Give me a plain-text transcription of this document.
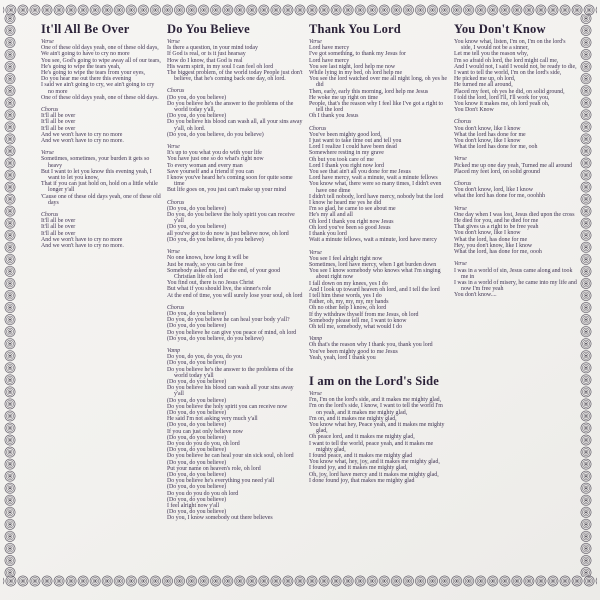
It'll All Be Over
Verse
One of these old days yeah, one of these old days,
We ain't going to have to cry no more
You see, God's going to wipe away all of our tears,
He's going to wipe the tears yeah,
He's going to wipe the tears from your eyes,
Do you hear me out there this evening
I said we ain't going to cry, we ain't going to cry no more
One of these old days yeah, one of these old days.
Chorus
It'll all be over
It'll all be over
It'll all be over
And we won't have to cry no more
And we won't have to cry no more.
Verse
Sometimes, sometimes, your burden it gets so heavy
But I want to let you know this evening yeah, I want to let you know,
That if you can just hold on, hold on a little while longer y'all
'Cause one of these old days yeah, one of these old days
Chorus
It'll all be over
It'll all be over
It'll all be over
And we won't have to cry no more
And we won't have to cry no more.
Do You Believe
Verse
Is there a question, in your mind today
If God is real, or is it just hearsay
How do I know, that God is real
His warm spirit, in my soul I can feel oh lord
The biggest problem, of the world today People just don't believe, that he's coming back one day, oh lord.
Chorus
(Do you, do you believe)
Do you believe he's the answer to the problems of the world today y'all,
(Do you, do you believe)
Do you believe his blood can wash all, all your sins away y'all, oh lord.
(Do you, do you believe, do you believe)
Verse
It's up to you what you do with your life
You have just one so do what's right now
To every woman and every man
Save yourself and a friend if you can
I know you've heard he's coming soon for quite some time
But life goes on, you just can't make up your mind
Chorus
(Do you, do you believe)
Do you, do you believe the holy spirit you can receive y'all
(Do you, do you believe)
all you've got to do now is just believe now, oh lord
(Do you, do you believe, do you believe)
Verse
No one knows, how long it will be
Just be ready, so you can be free
Somebody asked me, if at the end, of your good Christian life oh lord
You find out, there is no Jesus Christ
But what if you should live, the sinner's role
At the end of time, you will surely lose your soul, oh lord
Chorus
(Do you, do you believe)
Do you, do you believe he can heal your body y'all?
(Do you, do you believe)
Do you believe he can give you peace of mind, oh lord
(Do you, do you believe, do you believe)
Vamp
Do you, do you, do you, do you
(Do you, do you believe)
Do you believe he's the answer to the problems of the world today y'all
(Do you, do you believe)
Do you believe his blood can wash all your sins away y'all
(Do you, do you believe)
Do you believe the holy spirit you can receive now
(Do you, do you believe)
He said I'm not asking very much y'all
(Do you, do you believe)
If you can just only believe now
(Do you, do you believe)
Do you do you do you, oh lord
(Do you, do you believe)
Do you believe he can heal your sin sick soul, oh lord
(Do you, do you believe)
Put your name on heaven's role, oh lord
(Do you, do you believe)
Do you believe he's everything you need y'all
(Do you, do you believe)
Do you do you do you oh lord
(Do you, do you believe)
I feel alright now y'all
(Do you, do you believe)
Do you, I know somebody out there believes
Thank You Lord
Verse
Lord have mercy
I've got something, to thank my Jesus for
Lord have mercy
You see last night, lord help me now
While lying in my bed, oh lord help me
You see the lord watched over me all night long, oh yes he did
Then, early, early this morning, lord help me Jesus
He woke me up right on time
People, that's the reason why I feel like I've got a right to tell the lord
Oh I thank you Jesus
Chorus
You've been mighty good lord,
I just want to take time out and tell you
Lord I realize I could have been dead
Somewhere resting in my grave
Oh but you took care of me
Lord I thank you right now lord
You see that ain't all you done for me Jesus
Lord have mercy, wait a minute, wait a minute fellows
You know what, there were so many times, I didn't even have one dime
I didn't tell nobody, lord have mercy, nobody but the lord
I know he heard me yes he did
I'm so glad, he came to see about me
He's my all and all
Oh lord I thank you right now Jesus
Oh lord you've been so good Jesus
I thank you lord
Wait a minute fellows, wait a minute, lord have mercy
Verse
You see I feel alright right now
Sometimes, lord have mercy, when I get burden down
You see I know somebody who knows what I'm singing about right now
I fall down on my knees, yes I do
And I look up toward heaven oh lord, and I tell the lord
I tell him these words, yes I do
Father, oh, my, my, my, my hands
Oh no other help I know, oh lord
If thy withdraw thyself from me Jesus, oh lord
Somebody please tell me, I want to know
Oh tell me, somebody, what would I do
Vamp
Oh that's the reason why I thank you, thank you lord
You've been mighty good to me Jesus
Yeah, yeah, lord I thank you
I am on the Lord's Side
Verse
I'm, I'm on the lord's side, and it makes me mighty glad,
I'm on the lord's side, I know, I want to tell the world I'm on yeah, and it makes me mighty glad,
I'm on, and it makes me mighty glad,
You know what hey, Peace yeah, and it makes me mighty glad,
Oh peace lord, and it makes me mighty glad,
I want to tell the world, peace yeah, and it makes me mighty glad,
I found peace, and it makes me mighty glad
You know what, hey, joy, and it makes me mighty glad,
I found joy, and it makes me mighty glad,
Oh, joy, lord have mercy and it makes me mighty glad,
I done found joy, that makes me mighty glad
You Don't Know
You know what, listen, I'm on, I'm on the lord's side, I would not be a sinner,
Let me tell you the reason why,
I'm so afraid oh lord, the lord might call me,
And I would not, I said I would not, be ready to die,
I want to tell the world, I'm on the lord's side,
He picked me up, oh lord,
He turned me all around,
Placed my feet, oh yes he did, on solid ground,
I told the lord, lord I'll, I'll work for you,
You know it makes me, oh lord yeah oh,
You Don't Know
Chorus
You don't know, like I know
What the lord has done for me
You don't know, like I know
What the lord has done for me, ooh
Verse
Picked me up one day yeah, Turned me all around
Placed my feet lord, on solid ground
Chorus
You don't know, lord, like I know
what the lord has done for me, ooohhh
Verse
One day when I was lost, Jesus died upon the cross
He died for you, and he died for me
That gives us a right to be free yeah
You don't know, like I know
What the lord, has done for me
Hey, you don't know, like I know
What the lord, has done for me, oooh
Verse
I was in a world of sin, Jesus came along and took me in
I was in a world of misery, he came into my life and now I'm free yeah
You don't know....
